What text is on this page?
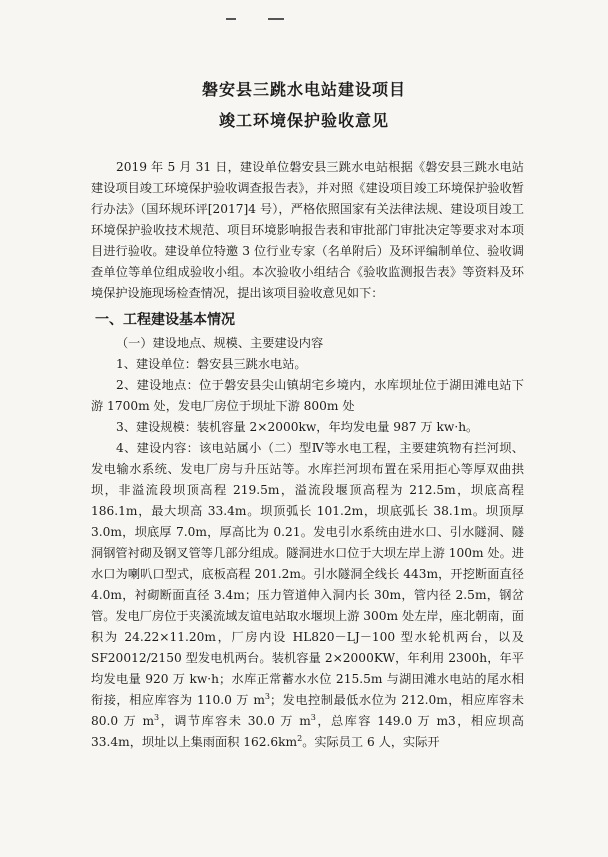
磐安县三跳水电站建设项目
竣工环境保护验收意见

2019 年 5 月 31 日，建设单位磐安县三跳水电站根据《磐安县三跳水电站建设项目竣工环境保护验收调查报告表》，并对照《建设项目竣工环境保护验收暂行办法》（国环规环评[2017]4 号），严格依照国家有关法律法规、建设项目竣工环境保护验收技术规范、项目环境影响报告表和审批部门审批决定等要求对本项目进行验收。建设单位特邀 3 位行业专家（名单附后）及环评编制单位、验收调查单位等单位组成验收小组。本次验收小组结合《验收监测报告表》等资料及环境保护设施现场检查情况，提出该项目验收意见如下：

一、工程建设基本情况

（一）建设地点、规模、主要建设内容

1、建设单位：磐安县三跳水电站。

2、建设地点：位于磐安县尖山镇胡宅乡境内，水库坝址位于湖田滩电站下游 1700m 处，发电厂房位于坝址下游 800m 处

3、建设规模：装机容量 2×2000kw，年均发电量 987 万 kw·h。

4、建设内容：该电站属小（二）型Ⅳ等水电工程，主要建筑物有拦河坝、发电输水系统、发电厂房与升压站等。水库拦河坝布置在采用拒心等厚双曲拱坝，非溢流段坝顶高程 219.5m，溢流段堰顶高程为 212.5m，坝底高程 186.1m，最大坝高 33.4m。坝顶弧长 101.2m，坝底弧长 38.1m。坝顶厚 3.0m，坝底厚 7.0m，厚高比为 0.21。发电引水系统由进水口、引水隧洞、隧洞钢管衬砌及钢叉管等几部分组成。隧洞进水口位于大坝左岸上游 100m 处。进水口为喇叭口型式，底板高程 201.2m。引水隧洞全线长 443m，开挖断面直径 4.0m，衬砌断面直径 3.4m；压力管道伸入洞内长 30m，管内径 2.5m，钢岔管。发电厂房位于夹溪流域友谊电站取水堰坝上游 300m 处左岸，座北朝南，面积为 24.22×11.20m，厂房内设 HL820－LJ－100 型水轮机两台，以及 SF20012/2150 型发电机两台。装机容量 2×2000KW，年利用 2300h，年平均发电量 920 万 kw·h；水库正常蓄水水位 215.5m 与湖田滩水电站的尾水相衔接，相应库容为 110.0 万 $m^3$；发电控制最低水位为 212.0m，相应库容未 80.0 万 $m^3$，调节库容未 30.0 万 $m^3$，总库容 149.0 万 m3，相应坝高 33.4m，坝址以上集雨面积 $162.6km^2$。实际员工 6 人，实际开
